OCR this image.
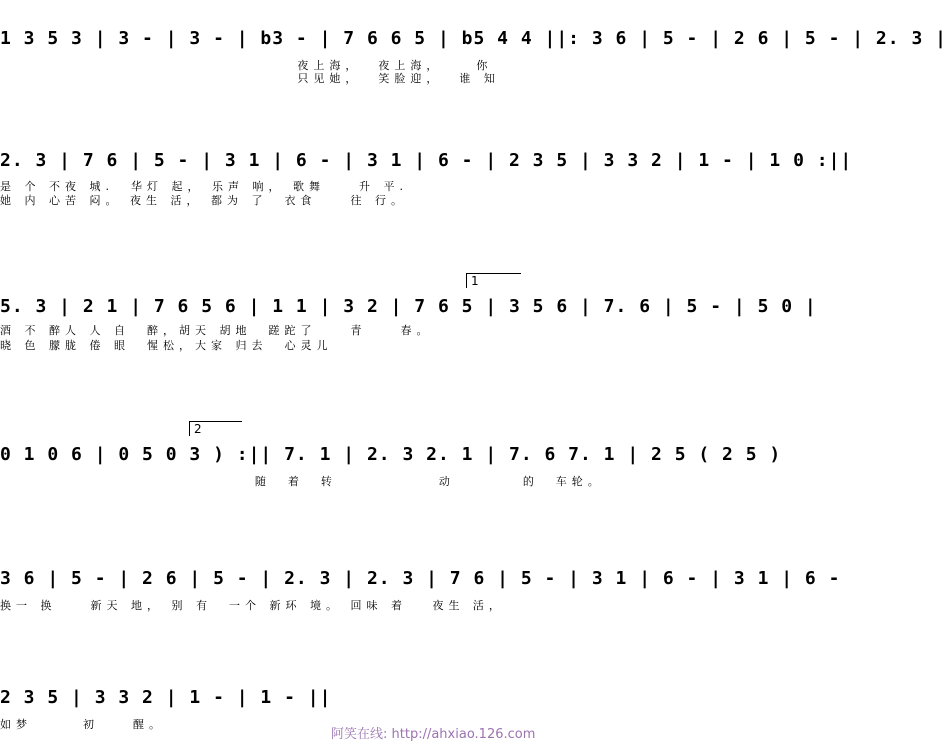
1 3 5 3 | 3 - | 3 - | b3 - | 7 6 6 5 | b5 4 4 ||: 3 6 | 5 - | 2 6 | 5 - | 2. 3 |
夜上海，  夜上海，    你
只见她，  笑脸迎，  谁 知
2. 3 | 7 6 | 5 - | 3 1 | 6 - | 3 1 | 6 - | 2 3 5 | 3 3 2 | 1 - | 1 0 :||
是 个 不夜 城.  华灯 起， 乐声 响， 歌舞    升 平.
她 内 心苦 闷。 夜生 活， 都为 了  衣食    往 行。
1
5. 3 | 2 1 | 7 6 5 6 | 1 1 | 3 2 | 7 6 5 | 3 5 6 | 7. 6 | 5 - | 5 0 |
酒 不 醉人 人 自  醉，胡天 胡地  蹉跎了    青    春。
晓 色 朦胧 倦 眼  惺松，大家 归去  心灵儿
2
0 1 0 6 | 0 5 0 3 ) :|| 7. 1 | 2. 3 2. 1 | 7. 6 7. 1 | 2 5 ( 2 5 )
随  着  转            动        的  车轮。
3 6 | 5 - | 2 6 | 5 - | 2. 3 | 2. 3 | 7 6 | 5 - | 3 1 | 6 - | 3 1 | 6 -
换一 换    新天 地， 别 有  一个 新环 境。 回味 着   夜生 活，
2 3 5 | 3 3 2 | 1 - | 1 - ||
如梦      初    醒。
阿笑在线: http://ahxiao.126.com
